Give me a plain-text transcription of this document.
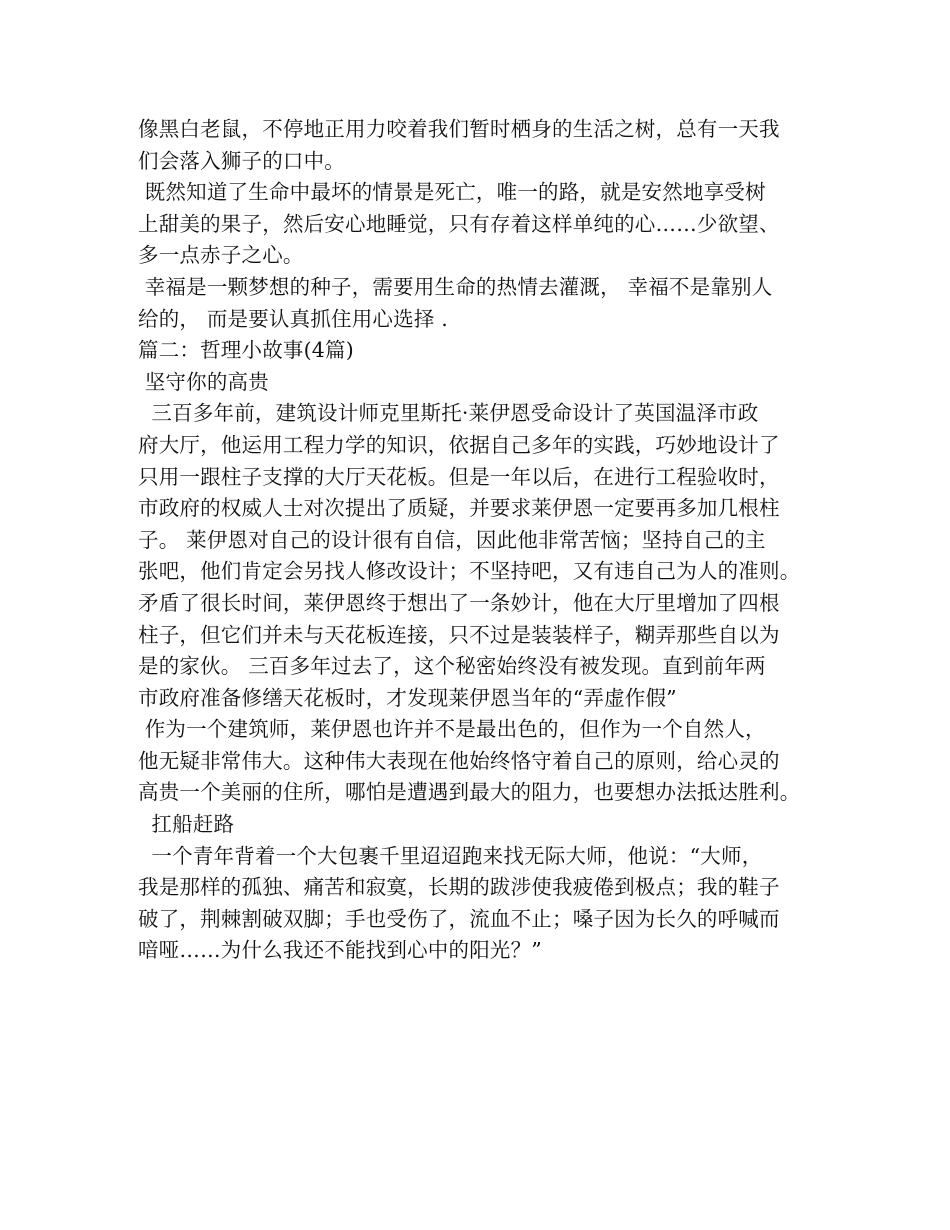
像黑白老鼠，不停地正用力咬着我们暂时栖身的生活之树，总有一天我
们会落入狮子的口中。
既然知道了生命中最坏的情景是死亡，唯一的路，就是安然地享受树
上甜美的果子，然后安心地睡觉，只有存着这样单纯的心……少欲望、
多一点赤子之心。
幸福是一颗梦想的种子，需要用生命的热情去灌溉， 幸福不是靠别人
给的， 而是要认真抓住用心选择 .
篇二：哲理小故事(4篇)
坚守你的高贵
三百多年前，建筑设计师克里斯托·莱伊恩受命设计了英国温泽市政
府大厅，他运用工程力学的知识，依据自己多年的实践，巧妙地设计了
只用一跟柱子支撑的大厅天花板。但是一年以后，在进行工程验收时，
市政府的权威人士对次提出了质疑，并要求莱伊恩一定要再多加几根柱
子。 莱伊恩对自己的设计很有自信，因此他非常苦恼；坚持自己的主
张吧，他们肯定会另找人修改设计；不坚持吧，又有违自己为人的准则。
矛盾了很长时间，莱伊恩终于想出了一条妙计，他在大厅里增加了四根
柱子，但它们并未与天花板连接，只不过是装装样子，糊弄那些自以为
是的家伙。 三百多年过去了，这个秘密始终没有被发现。直到前年两
市政府准备修缮天花板时，才发现莱伊恩当年的“弄虚作假”
作为一个建筑师，莱伊恩也许并不是最出色的，但作为一个自然人，
他无疑非常伟大。这种伟大表现在他始终恪守着自己的原则，给心灵的
高贵一个美丽的住所，哪怕是遭遇到最大的阻力，也要想办法抵达胜利。
扛船赶路
一个青年背着一个大包裹千里迢迢跑来找无际大师，他说：“大师，
我是那样的孤独、痛苦和寂寞，长期的跋涉使我疲倦到极点；我的鞋子
破了，荆棘割破双脚；手也受伤了，流血不止；嗓子因为长久的呼喊而
喑哑……为什么我还不能找到心中的阳光？”
